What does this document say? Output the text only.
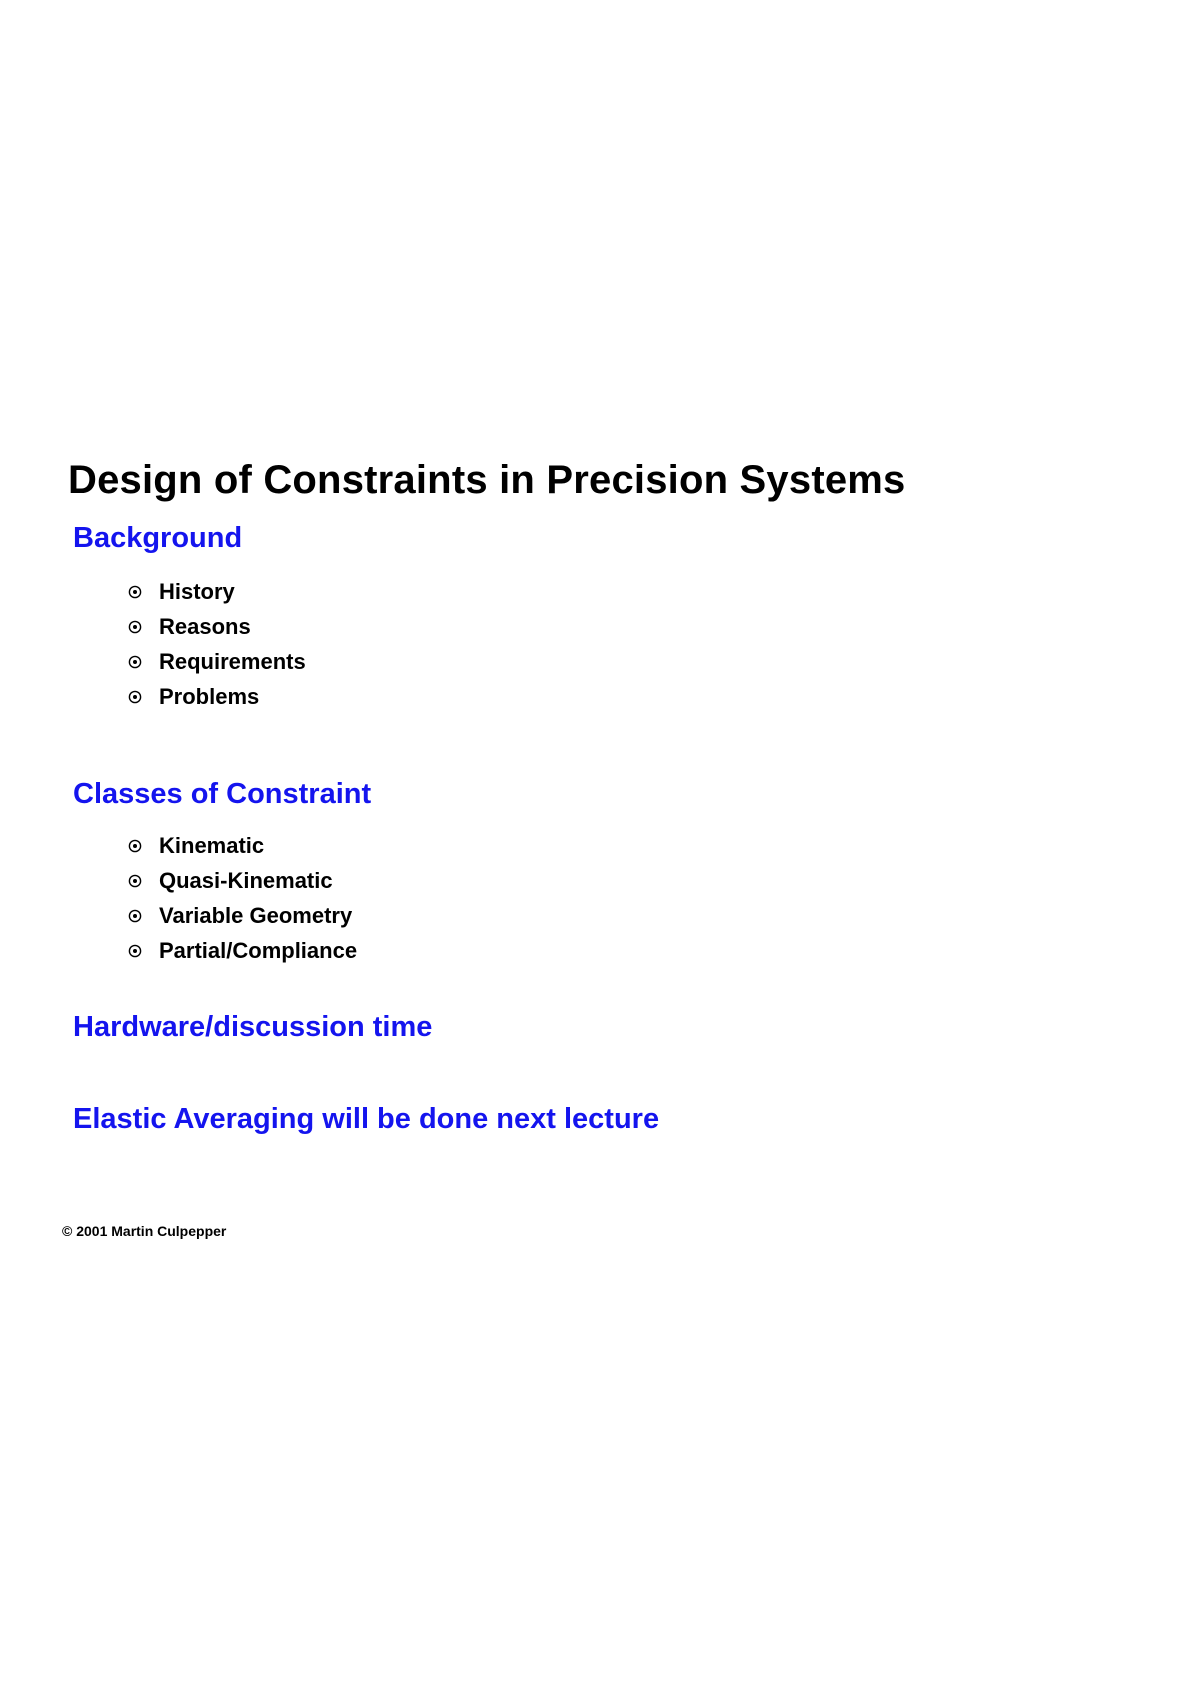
Design of Constraints in Precision Systems
Background
History
Reasons
Requirements
Problems
Classes of Constraint
Kinematic
Quasi-Kinematic
Variable Geometry
Partial/Compliance
Hardware/discussion time
Elastic Averaging will be done next lecture
© 2001 Martin Culpepper
